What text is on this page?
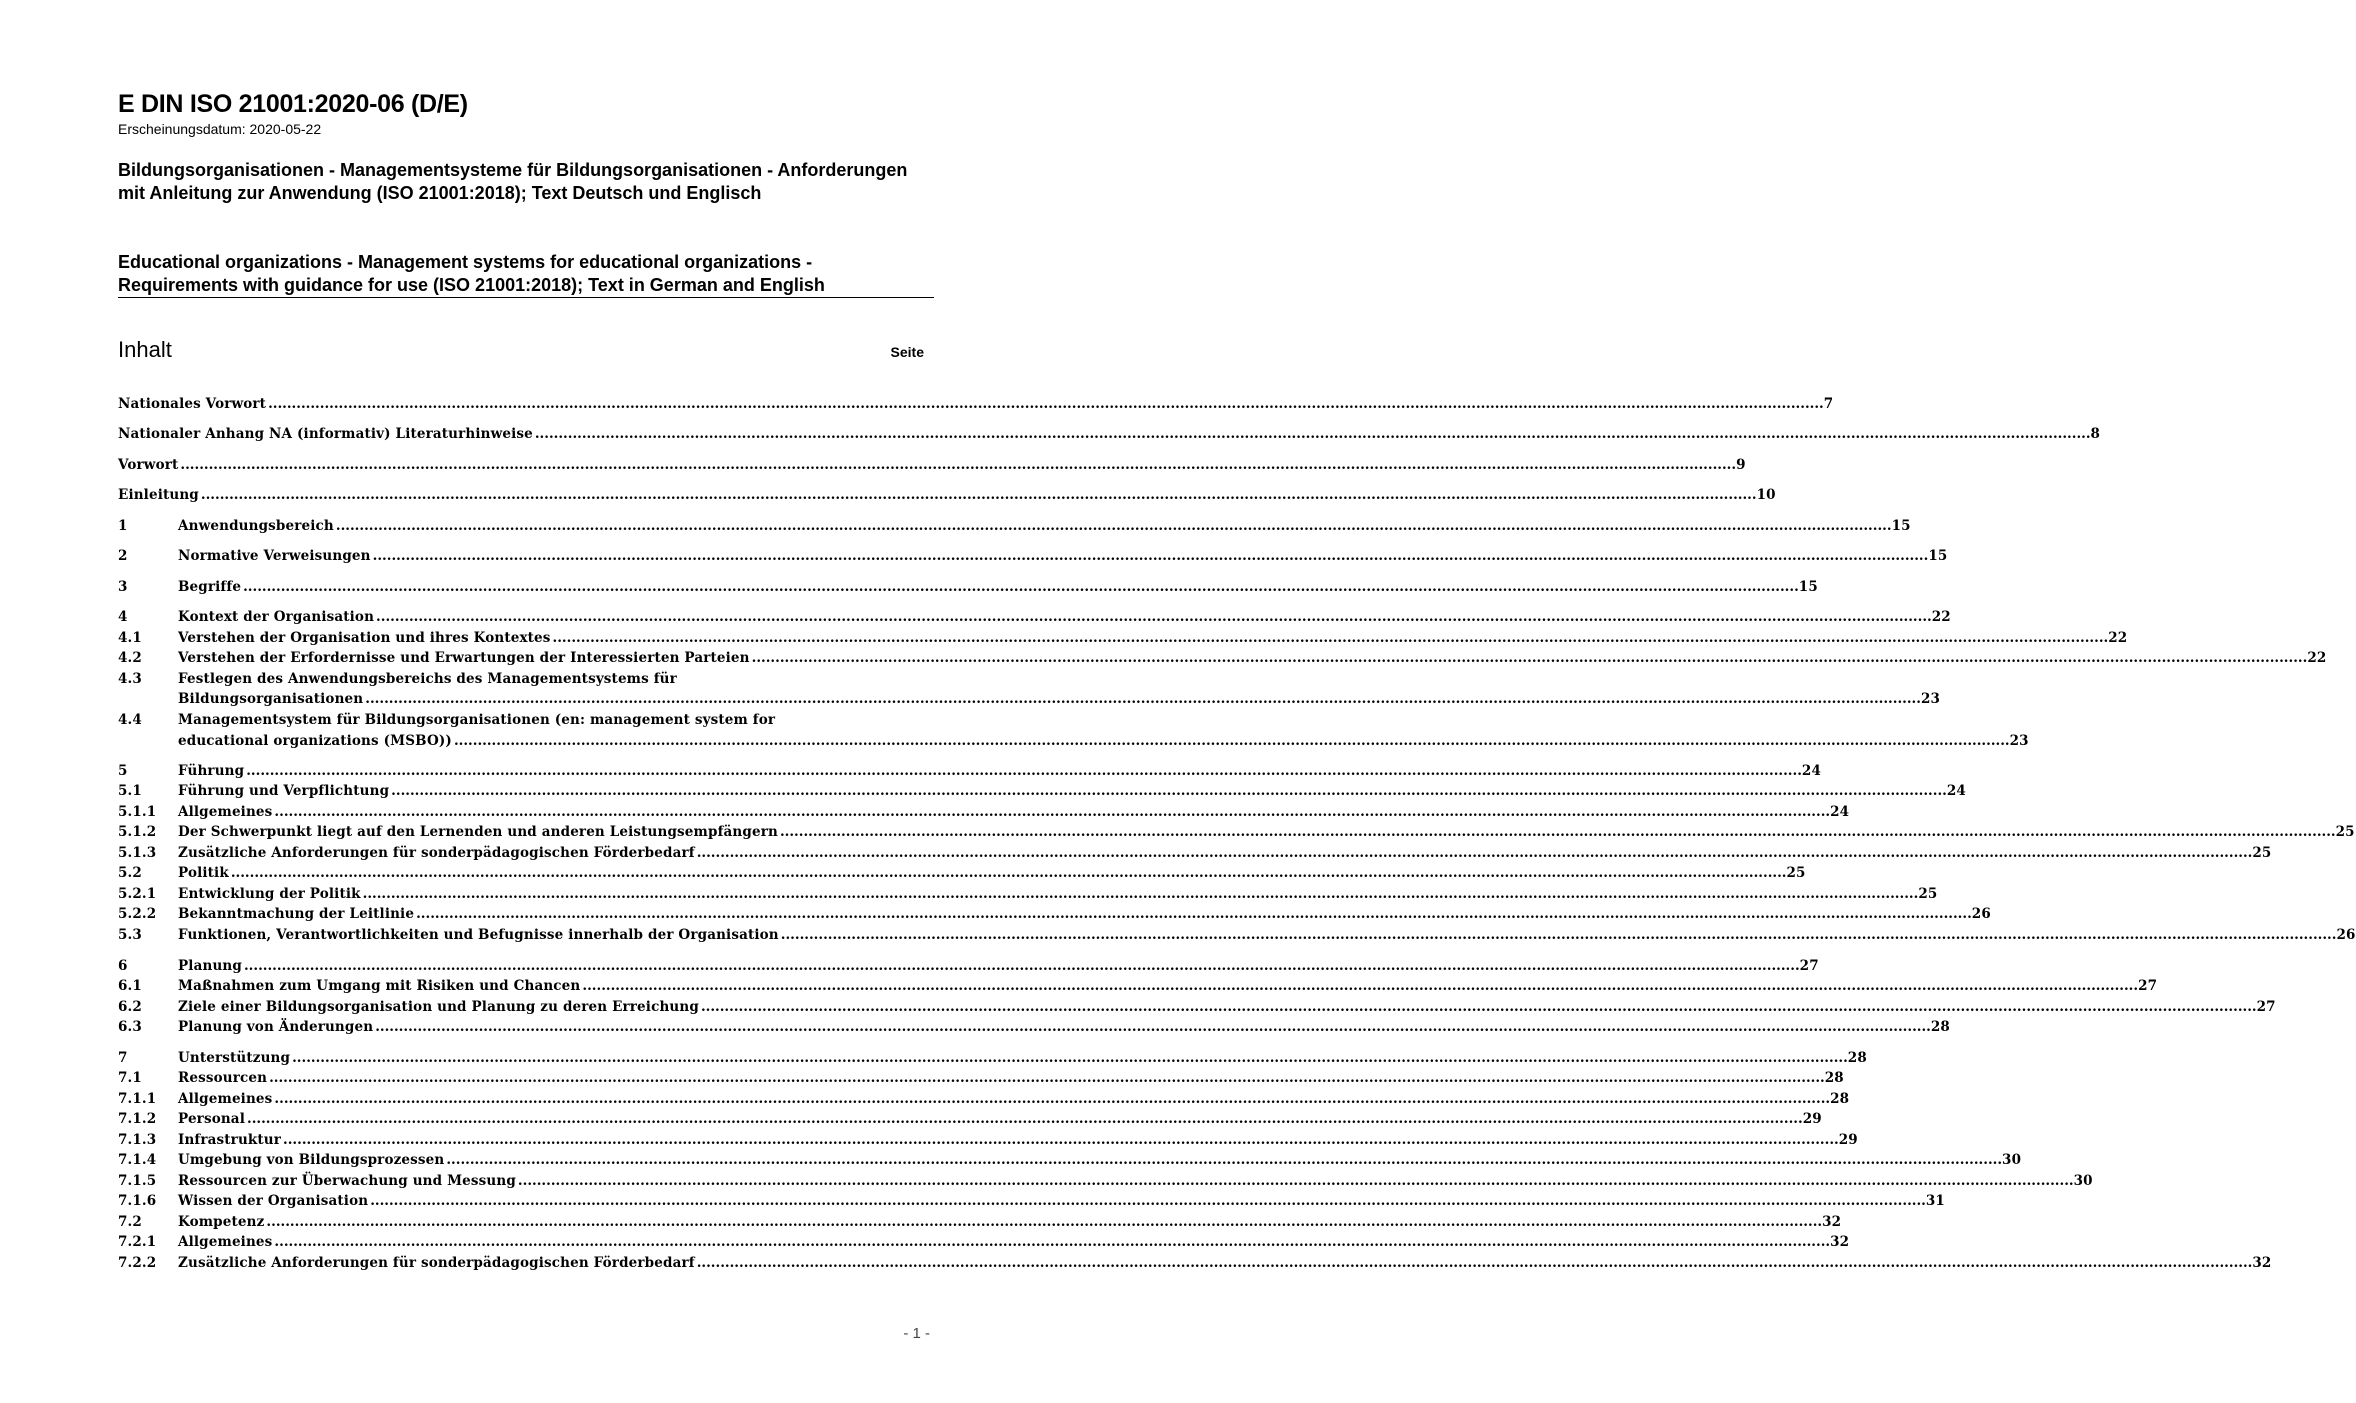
E DIN ISO 21001:2020-06 (D/E)
Erscheinungsdatum: 2020-05-22
Bildungsorganisationen - Managementsysteme für Bildungsorganisationen - Anforderungen mit Anleitung zur Anwendung (ISO 21001:2018); Text Deutsch und Englisch
Educational organizations - Management systems for educational organizations - Requirements with guidance for use (ISO 21001:2018); Text in German and English
Inhalt	Seite
Nationales Vorwort .....	7
Nationaler Anhang NA (informativ) Literaturhinweise .....	8
Vorwort .....	9
Einleitung .....	10
1	Anwendungsbereich .....	15
2	Normative Verweisungen .....	15
3	Begriffe .....	15
4	Kontext der Organisation .....	22
4.1	Verstehen der Organisation und ihres Kontextes .....	22
4.2	Verstehen der Erfordernisse und Erwartungen der Interessierten Parteien .....	22
4.3	Festlegen des Anwendungsbereichs des Managementsystems für
Bildungsorganisationen .....	23
4.4	Managementsystem für Bildungsorganisationen (en: management system for
educational organizations (MSBO)) .....	23
5	Führung .....	24
5.1	Führung und Verpflichtung .....	24
5.1.1	Allgemeines .....	24
5.1.2	Der Schwerpunkt liegt auf den Lernenden und anderen Leistungsempfängern .....	25
5.1.3	Zusätzliche Anforderungen für sonderpädagogischen Förderbedarf .....	25
5.2	Politik .....	25
5.2.1	Entwicklung der Politik .....	25
5.2.2	Bekanntmachung der Leitlinie .....	26
5.3	Funktionen, Verantwortlichkeiten und Befugnisse innerhalb der Organisation .....	26
6	Planung .....	27
6.1	Maßnahmen zum Umgang mit Risiken und Chancen .....	27
6.2	Ziele einer Bildungsorganisation und Planung zu deren Erreichung .....	27
6.3	Planung von Änderungen .....	28
7	Unterstützung .....	28
7.1	Ressourcen .....	28
7.1.1	Allgemeines .....	28
7.1.2	Personal .....	29
7.1.3	Infrastruktur .....	29
7.1.4	Umgebung von Bildungsprozessen .....	30
7.1.5	Ressourcen zur Überwachung und Messung .....	30
7.1.6	Wissen der Organisation .....	31
7.2	Kompetenz .....	32
7.2.1	Allgemeines .....	32
7.2.2	Zusätzliche Anforderungen für sonderpädagogischen Förderbedarf .....	32
- 1 -
